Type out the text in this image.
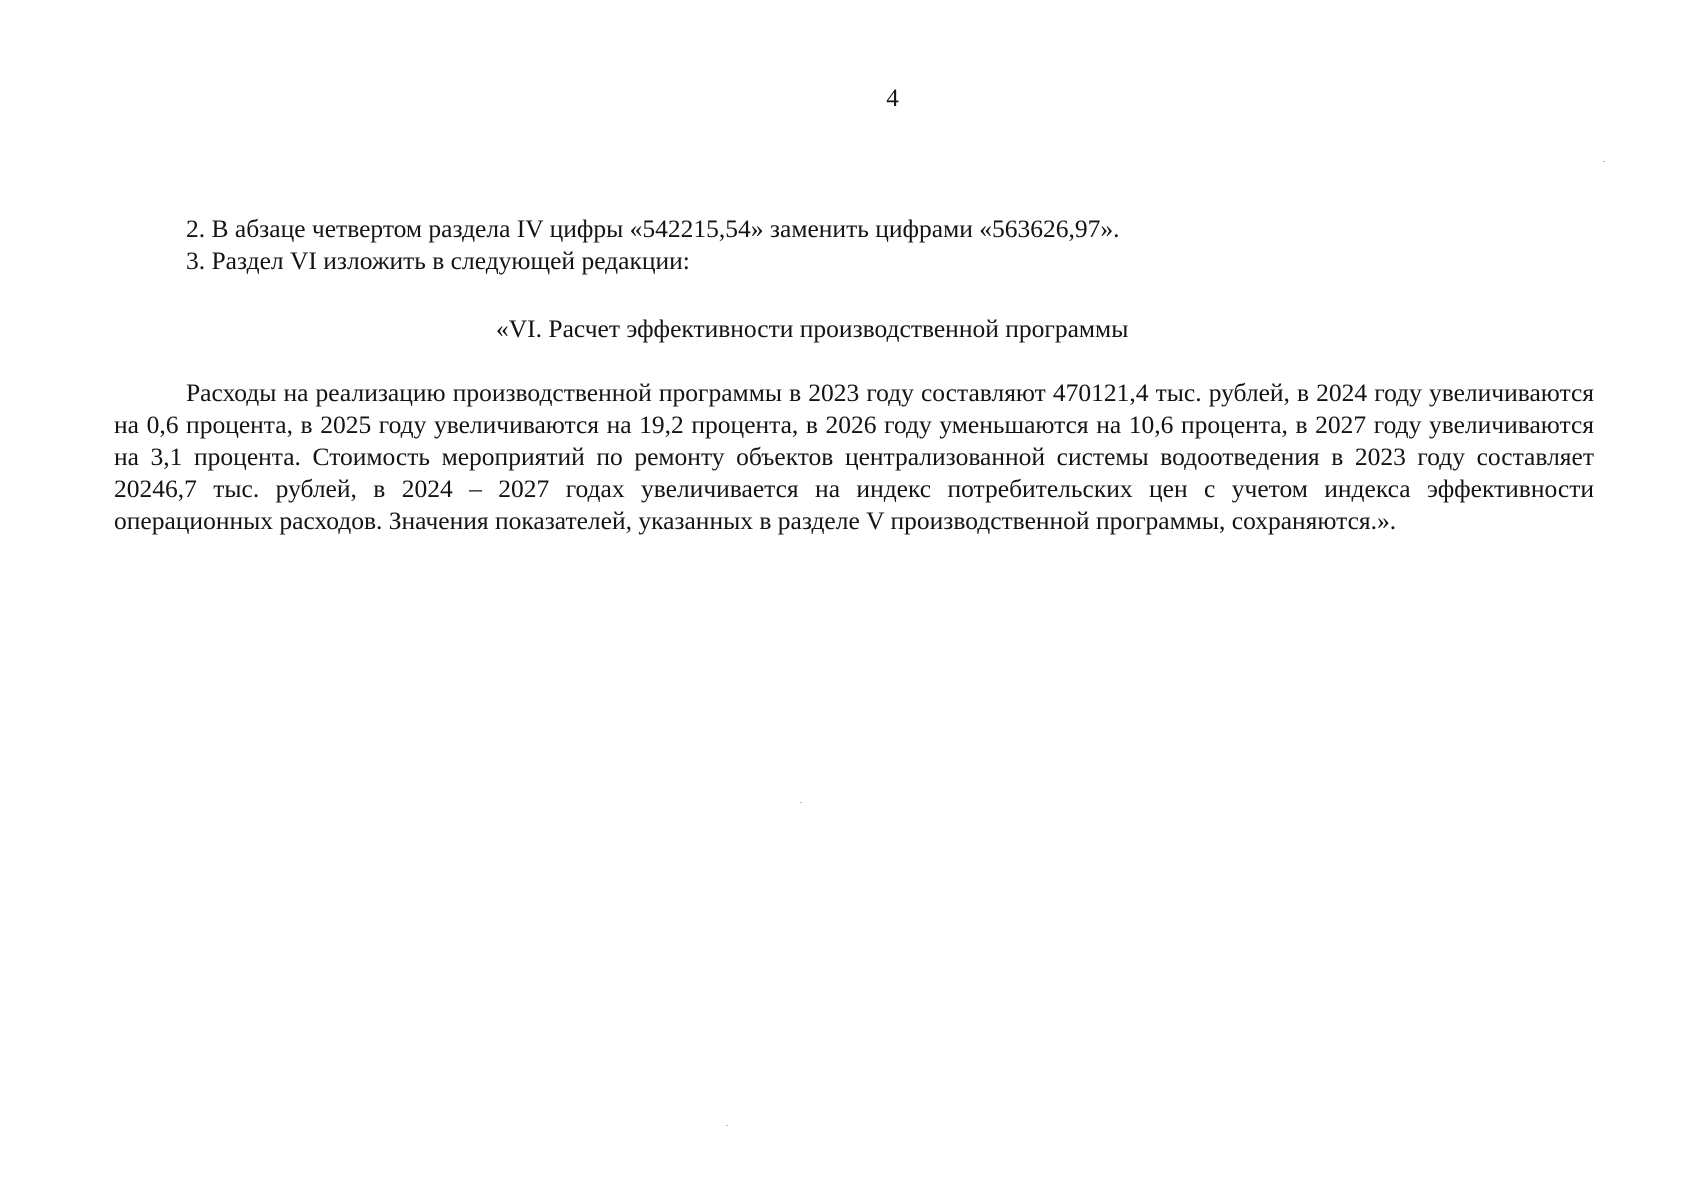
4
2. В абзаце четвертом раздела IV цифры «542215,54» заменить цифрами «563626,97».
3. Раздел VI изложить в следующей редакции:
«VI. Расчет эффективности производственной программы

Расходы на реализацию производственной программы в 2023 году составляют 470121,4 тыс. рублей, в 2024 году увеличиваются на 0,6 процента, в 2025 году увеличиваются на 19,2 процента, в 2026 году уменьшаются на 10,6 процента, в 2027 году увеличиваются на 3,1 процента. Стоимость мероприятий по ремонту объектов централизованной системы водоотведения в 2023 году составляет 20246,7 тыс. рублей, в 2024 – 2027 годах увеличивается на индекс потребительских цен с учетом индекса эффективности операционных расходов. Значения показателей, указанных в разделе V производственной программы, сохраняются.».
